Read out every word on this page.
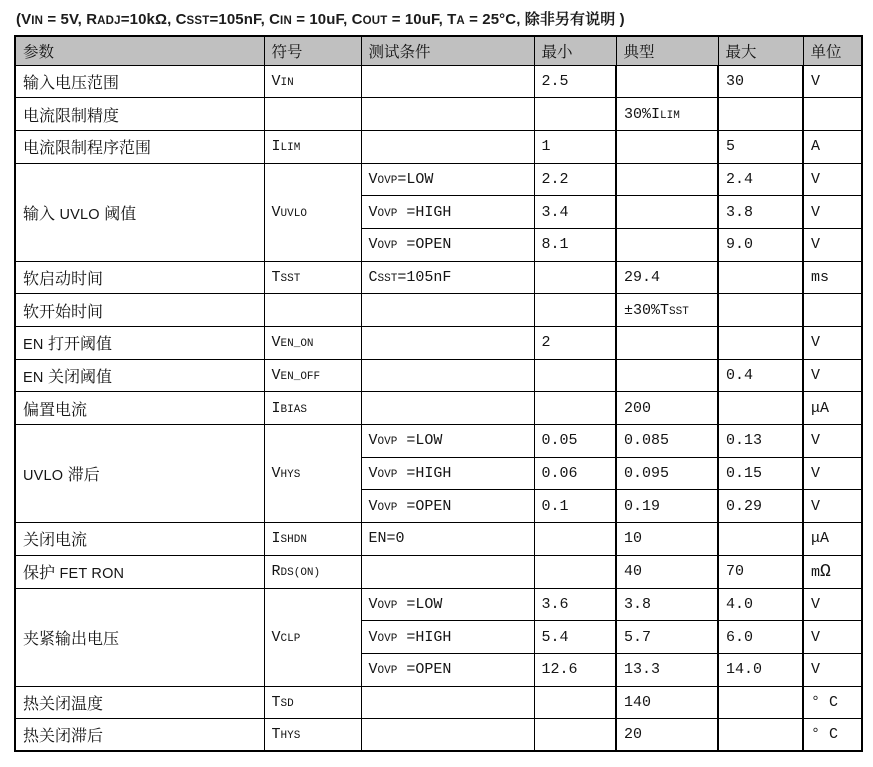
(VIN = 5V, RADJ=10kΩ, CSST=105nF, CIN = 10uF, COUT = 10uF, TA = 25°C, 除非另有说明 )
参数	符号	测试条件	最小	典型	最大	单位
输入电压范围	VIN		2.5		30	V
电流限制精度				30%ILIM		
电流限制程序范围	ILIM		1		5	A
输入 UVLO 阈值	VUVLO	VOVP=LOW	2.2		2.4	V
		VOVP =HIGH	3.4		3.8	V
		VOVP =OPEN	8.1		9.0	V
软启动时间	TSST	CSST=105nF		29.4		ms
软开始时间				±30%TSST		
EN 打开阈值	VEN_ON		2			V
EN 关闭阈值	VEN_OFF				0.4	V
偏置电流	IBIAS			200		μA
UVLO 滞后	VHYS	VOVP =LOW	0.05	0.085	0.13	V
		VOVP =HIGH	0.06	0.095	0.15	V
		VOVP =OPEN	0.1	0.19	0.29	V
关闭电流	ISHDN	EN=0		10		μA
保护 FET RON	RDS(ON)			40	70	mΩ
夹紧输出电压	VCLP	VOVP =LOW	3.6	3.8	4.0	V
		VOVP =HIGH	5.4	5.7	6.0	V
		VOVP =OPEN	12.6	13.3	14.0	V
热关闭温度	TSD			140		° C
热关闭滞后	THYS			20		° C
